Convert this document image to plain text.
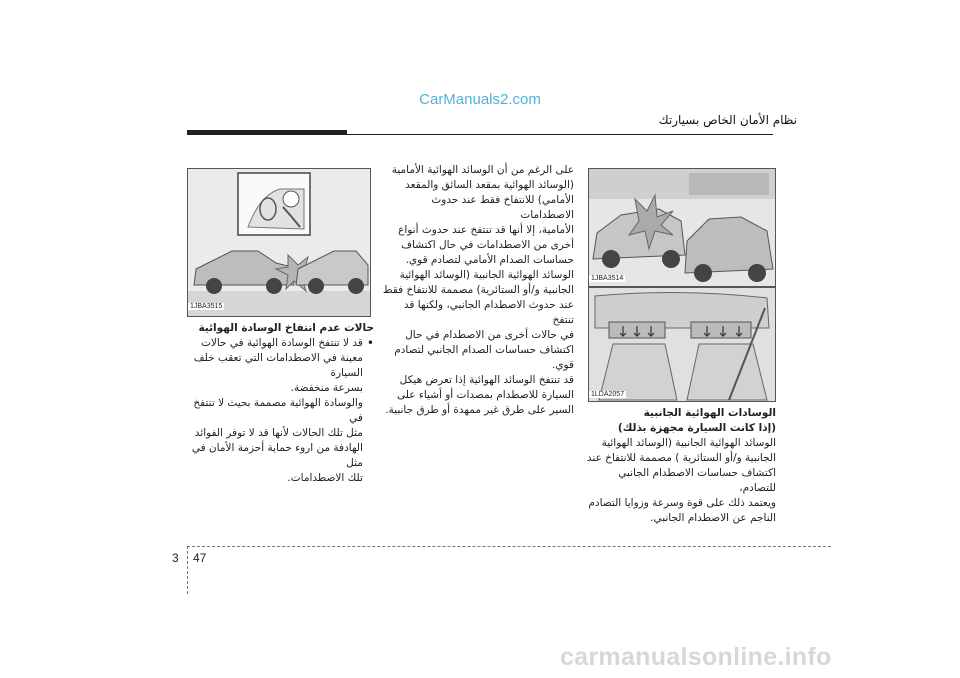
CarManuals2.com
نظام الأمان الخاص بسيارتك
1JBA3515
1JBA3514
1LDA2057
حالات عدم انتفاخ الوسادة الهوائية
•
قد لا تنتفخ الوسادة الهوائية في حالات
معينة في الاصطدامات التي تعقب خلف السيارة
بسرعة منخفضة.
والوسادة الهوائية مصممة بحيث لا تنتفخ في
مثل تلك الحالات لأنها قد لا توفر الفوائد
الهادفة من اروء حماية أحزمة الأمان في مثل
تلك الاصطدامات.
على الرغم من أن الوسائد الهوائية الأمامية
(الوسائد الهوائية بمقعد السائق والمقعد
الأمامي) للانتفاخ فقط عند حدوث الاصطدامات
الأمامية، إلا أنها قد تنتفخ عند حدوث أنواع
أخرى من الاصطدامات في حال اكتشاف
حساسات الصدام الأمامي لتصادم قوي.
الوسائد الهوائية الجانبية (الوسائد الهوائية
الجانبية و/أو الستائرية) مصممة للانتفاخ فقط
عند حدوث الاصطدام الجانبي، ولكنها قد تنتفخ
في حالات أخرى من الاصطدام في حال
اكتشاف حساسات الصدام الجانبي لتصادم
قوي.
قد تنتفخ الوسائد الهوائية إذا تعرض هيكل
السيارة للاصطدام بمصدات أو أشياء على
السير على طرق غير ممهدة أو طرق جانبية.	الوسادات الهوائية الجانبية
(إذا كانت السيارة مجهزة بذلك)
الوسائد الهوائية الجانبية (الوسائد الهوائية
الجانبية و/أو الستائرية ) مصممة للانتفاخ عند
اكتشاف حساسات الاصطدام الجانبي للتصادم،
ويعتمد ذلك على قوة وسرعة وزوايا التصادم
الناجم عن الاصطدام الجانبي.
3 47
carmanualsonline.info
